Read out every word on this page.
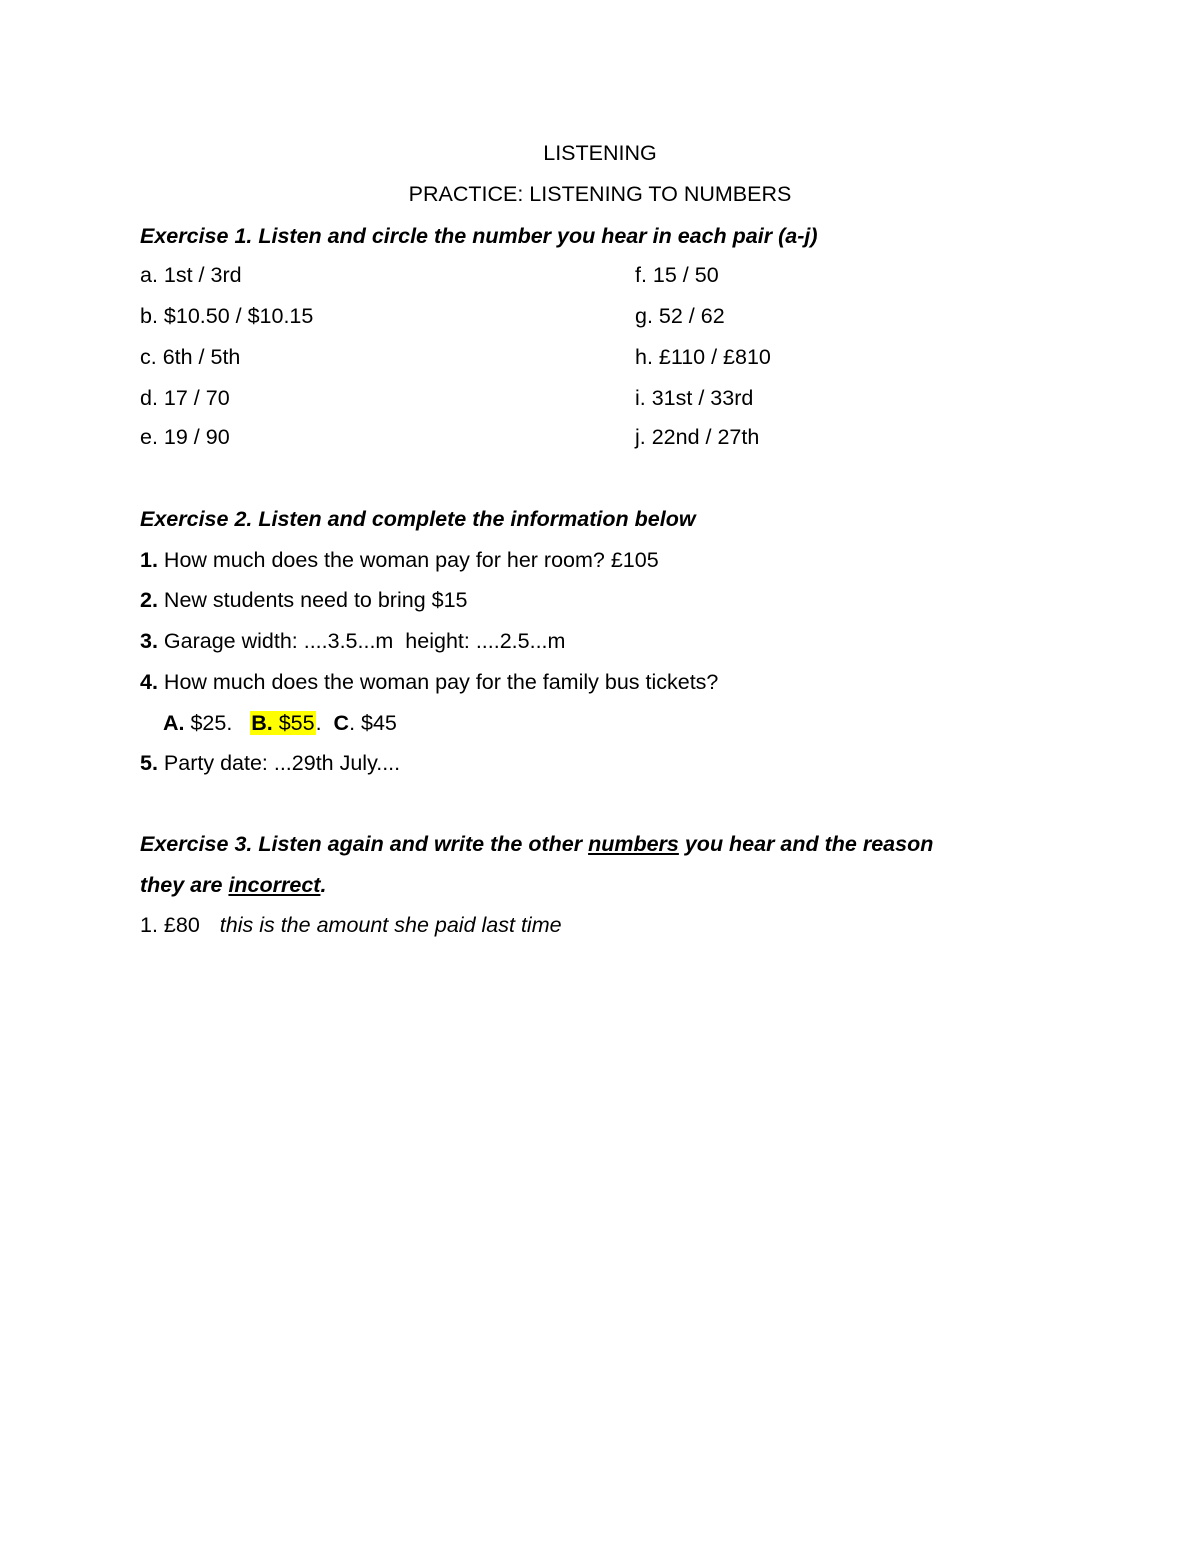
LISTENING
PRACTICE: LISTENING TO NUMBERS
Exercise 1. Listen and circle the number you hear in each pair (a-j)
a. 1st / 3rd
b. $10.50 / $10.15
c. 6th / 5th
d. 17 / 70
e. 19 / 90
f. 15 / 50
g. 52 / 62
h. £110 / £810
i. 31st / 33rd
j. 22nd / 27th
Exercise 2. Listen and complete the information below
1. How much does the woman pay for her room? £105
2. New students need to bring $15
3. Garage width: ....3.5...m  height: ....2.5...m
4. How much does the woman pay for the family bus tickets?
A. $25. B. $55.  C. $45
5. Party date: ...29th July....
Exercise 3. Listen again and write the other numbers you hear and the reason
they are incorrect.
1. £80 this is the amount she paid last time
